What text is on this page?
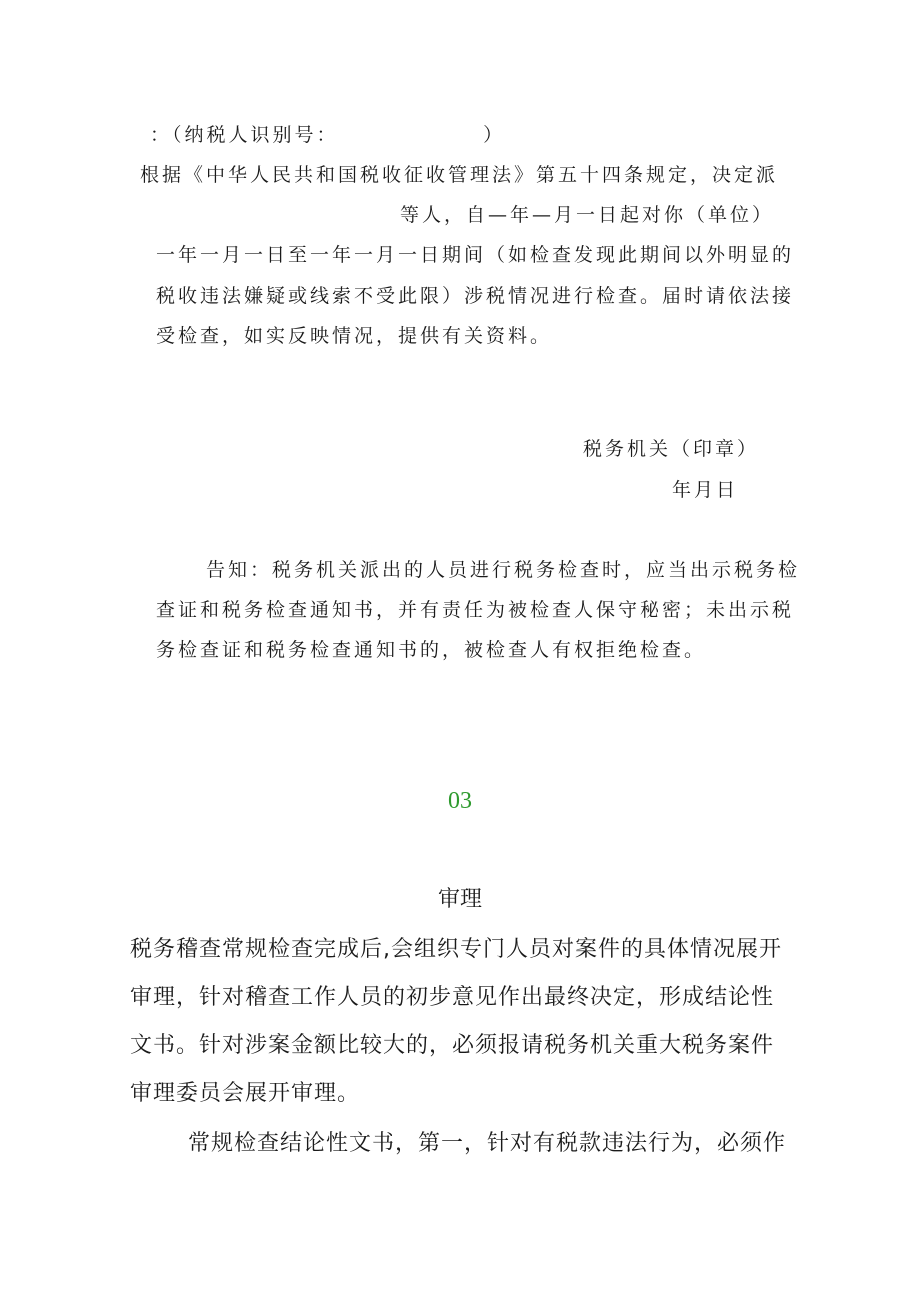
：（纳税人识别号：                ）
根据《中华人民共和国税收征收管理法》第五十四条规定，决定派
等人，自—年—月一日起对你（单位）
一年一月一日至一年一月一日期间（如检查发现此期间以外明显的
税收违法嫌疑或线索不受此限）涉税情况进行检查。届时请依法接
受检查，如实反映情况，提供有关资料。
税务机关（印章）
年月日
告知：税务机关派出的人员进行税务检查时，应当出示税务检
查证和税务检查通知书，并有责任为被检查人保守秘密；未出示税
务检查证和税务检查通知书的，被检查人有权拒绝检查。
03
审理
税务稽查常规检查完成后,会组织专门人员对案件的具体情况展开
审理，针对稽查工作人员的初步意见作出最终决定，形成结论性
文书。针对涉案金额比较大的，必须报请税务机关重大税务案件
审理委员会展开审理。
常规检查结论性文书，第一，针对有税款违法行为，必须作
